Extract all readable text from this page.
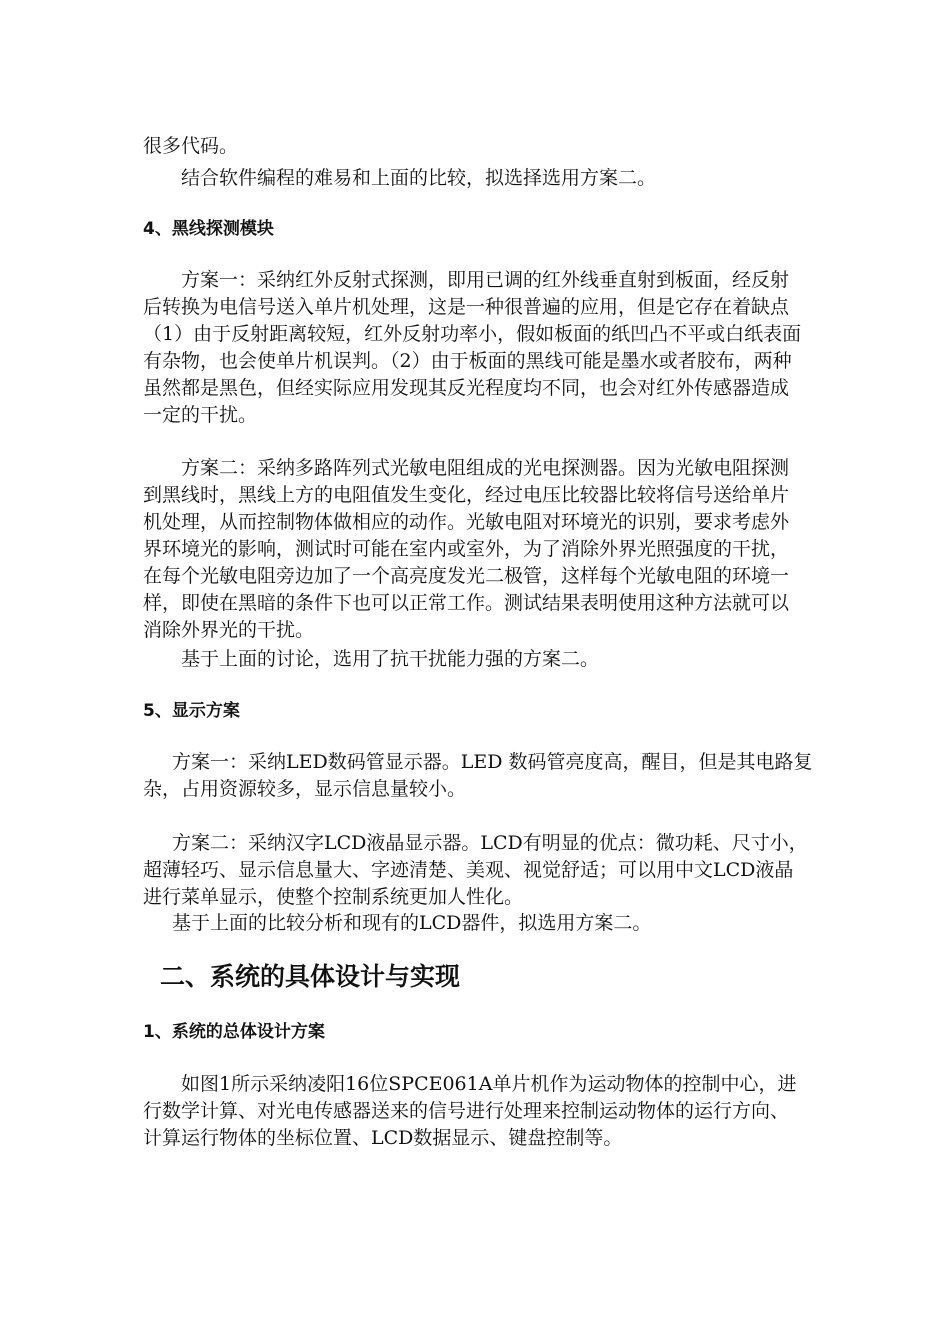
很多代码。

结合软件编程的难易和上面的比较，拟选择选用方案二。

4、黑线探测模块

方案一：采纳红外反射式探测，即用已调的红外线垂直射到板面，经反射

后转换为电信号送入单片机处理，这是一种很普遍的应用，但是它存在着缺点

（1）由于反射距离较短，红外反射功率小，假如板面的纸凹凸不平或白纸表面

有杂物，也会使单片机误判。（2）由于板面的黑线可能是墨水或者胶布，两种

虽然都是黑色，但经实际应用发现其反光程度均不同，也会对红外传感器造成

一定的干扰。

方案二：采纳多路阵列式光敏电阻组成的光电探测器。因为光敏电阻探测

到黑线时，黑线上方的电阻值发生变化，经过电压比较器比较将信号送给单片

机处理，从而控制物体做相应的动作。光敏电阻对环境光的识别，要求考虑外

界环境光的影响，测试时可能在室内或室外，为了消除外界光照强度的干扰，

在每个光敏电阻旁边加了一个高亮度发光二极管，这样每个光敏电阻的环境一

样，即使在黑暗的条件下也可以正常工作。测试结果表明使用这种方法就可以

消除外界光的干扰。

基于上面的讨论，选用了抗干扰能力强的方案二。

5、显示方案

方案一：采纳LED数码管显示器。LED 数码管亮度高，醒目，但是其电路复

杂，占用资源较多，显示信息量较小。

方案二：采纳汉字LCD液晶显示器。LCD有明显的优点：微功耗、尺寸小，

超薄轻巧、显示信息量大、字迹清楚、美观、视觉舒适；可以用中文LCD液晶

进行菜单显示，使整个控制系统更加人性化。

基于上面的比较分析和现有的LCD器件，拟选用方案二。

二、系统的具体设计与实现
1、系统的总体设计方案

如图1所示采纳凌阳16位SPCE061A单片机作为运动物体的控制中心，进

行数学计算、对光电传感器送来的信号进行处理来控制运动物体的运行方向、

计算运行物体的坐标位置、LCD数据显示、键盘控制等。
